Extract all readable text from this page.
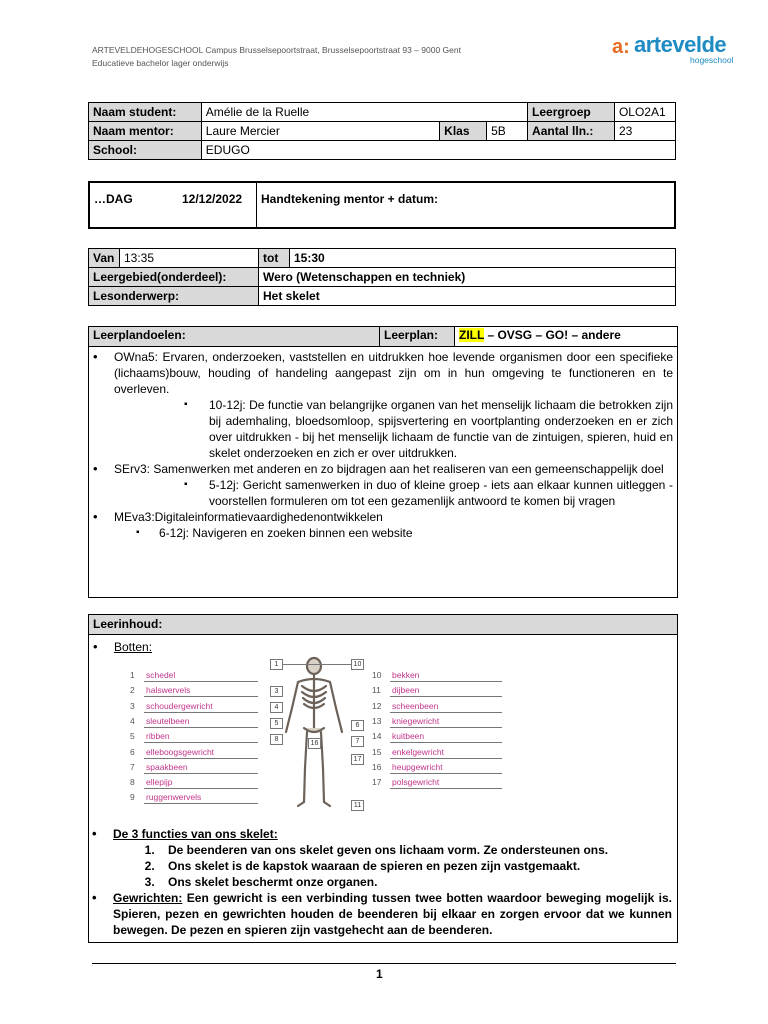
ARTEVELDEHOGESCHOOL Campus Brusselsepoortstraat, Brusselsepoortstraat 93 – 9000 Gent
Educatieve bachelor lager onderwijs
a: artevelde
hogeschool
Naam student:	Amélie de la Ruelle			Leergroep	OLO2A1
Naam mentor:	Laure Mercier	Klas	5B	Aantal lln.:	23
School:	EDUGO				
…DAG	12/12/2022	Handtekening mentor + datum:
Van	13:35	tot	15:30
Leergebied(onderdeel):		Wero (Wetenschappen en techniek)	
Lesonderwerp:		Het skelet	
Leerplandoelen:	Leerplan:	ZILL – OVSG – GO! – andere
• OWna5: Ervaren, onderzoeken, vaststellen en uitdrukken hoe levende organismen door een specifieke (lichaams)bouw, houding of handeling aangepast zijn om in hun omgeving te functioneren en te overleven.
▪ 10-12j: De functie van belangrijke organen van het menselijk lichaam die betrokken zijn bij ademhaling, bloedsomloop, spijsvertering en voortplanting onderzoeken en er zich over uitdrukken - bij het menselijk lichaam de functie van de zintuigen, spieren, huid en skelet onderzoeken en zich er over uitdrukken.
• SErv3: Samenwerken met anderen en zo bijdragen aan het realiseren van een gemeenschappelijk doel
▪ 5-12j: Gericht samenwerken in duo of kleine groep - iets aan elkaar kunnen uitleggen - voorstellen formuleren om tot een gezamenlijk antwoord te komen bij vragen
• MEva3:Digitaleinformatievaardighedenontwikkelen
▪ 6-12j: Navigeren en zoeken binnen een website
Leerinhoud:
• Botten:
1 schedel
2 halswervels
3 schoudergewricht
4 sleutelbeen
5 ribben
6 elleboogsgewricht
7 spaakbeen
8 ellepijp
9 ruggenwervels
10 bekken
11 dijbeen
12 scheenbeen
13 kniegewricht
14 kuitbeen
15 enkelgewricht
16 heupgewricht
17 polsgewricht
1	10
3
4
5
8
6
7
17
16
11
• De 3 functies van ons skelet:
1. De beenderen van ons skelet geven ons lichaam vorm. Ze ondersteunen ons.
2. Ons skelet is de kapstok waaraan de spieren en pezen zijn vastgemaakt.
3. Ons skelet beschermt onze organen.
• Gewrichten: Een gewricht is een verbinding tussen twee botten waardoor beweging mogelijk is. Spieren, pezen en gewrichten houden de beenderen bij elkaar en zorgen ervoor dat we kunnen bewegen. De pezen en spieren zijn vastgehecht aan de beenderen.
1
